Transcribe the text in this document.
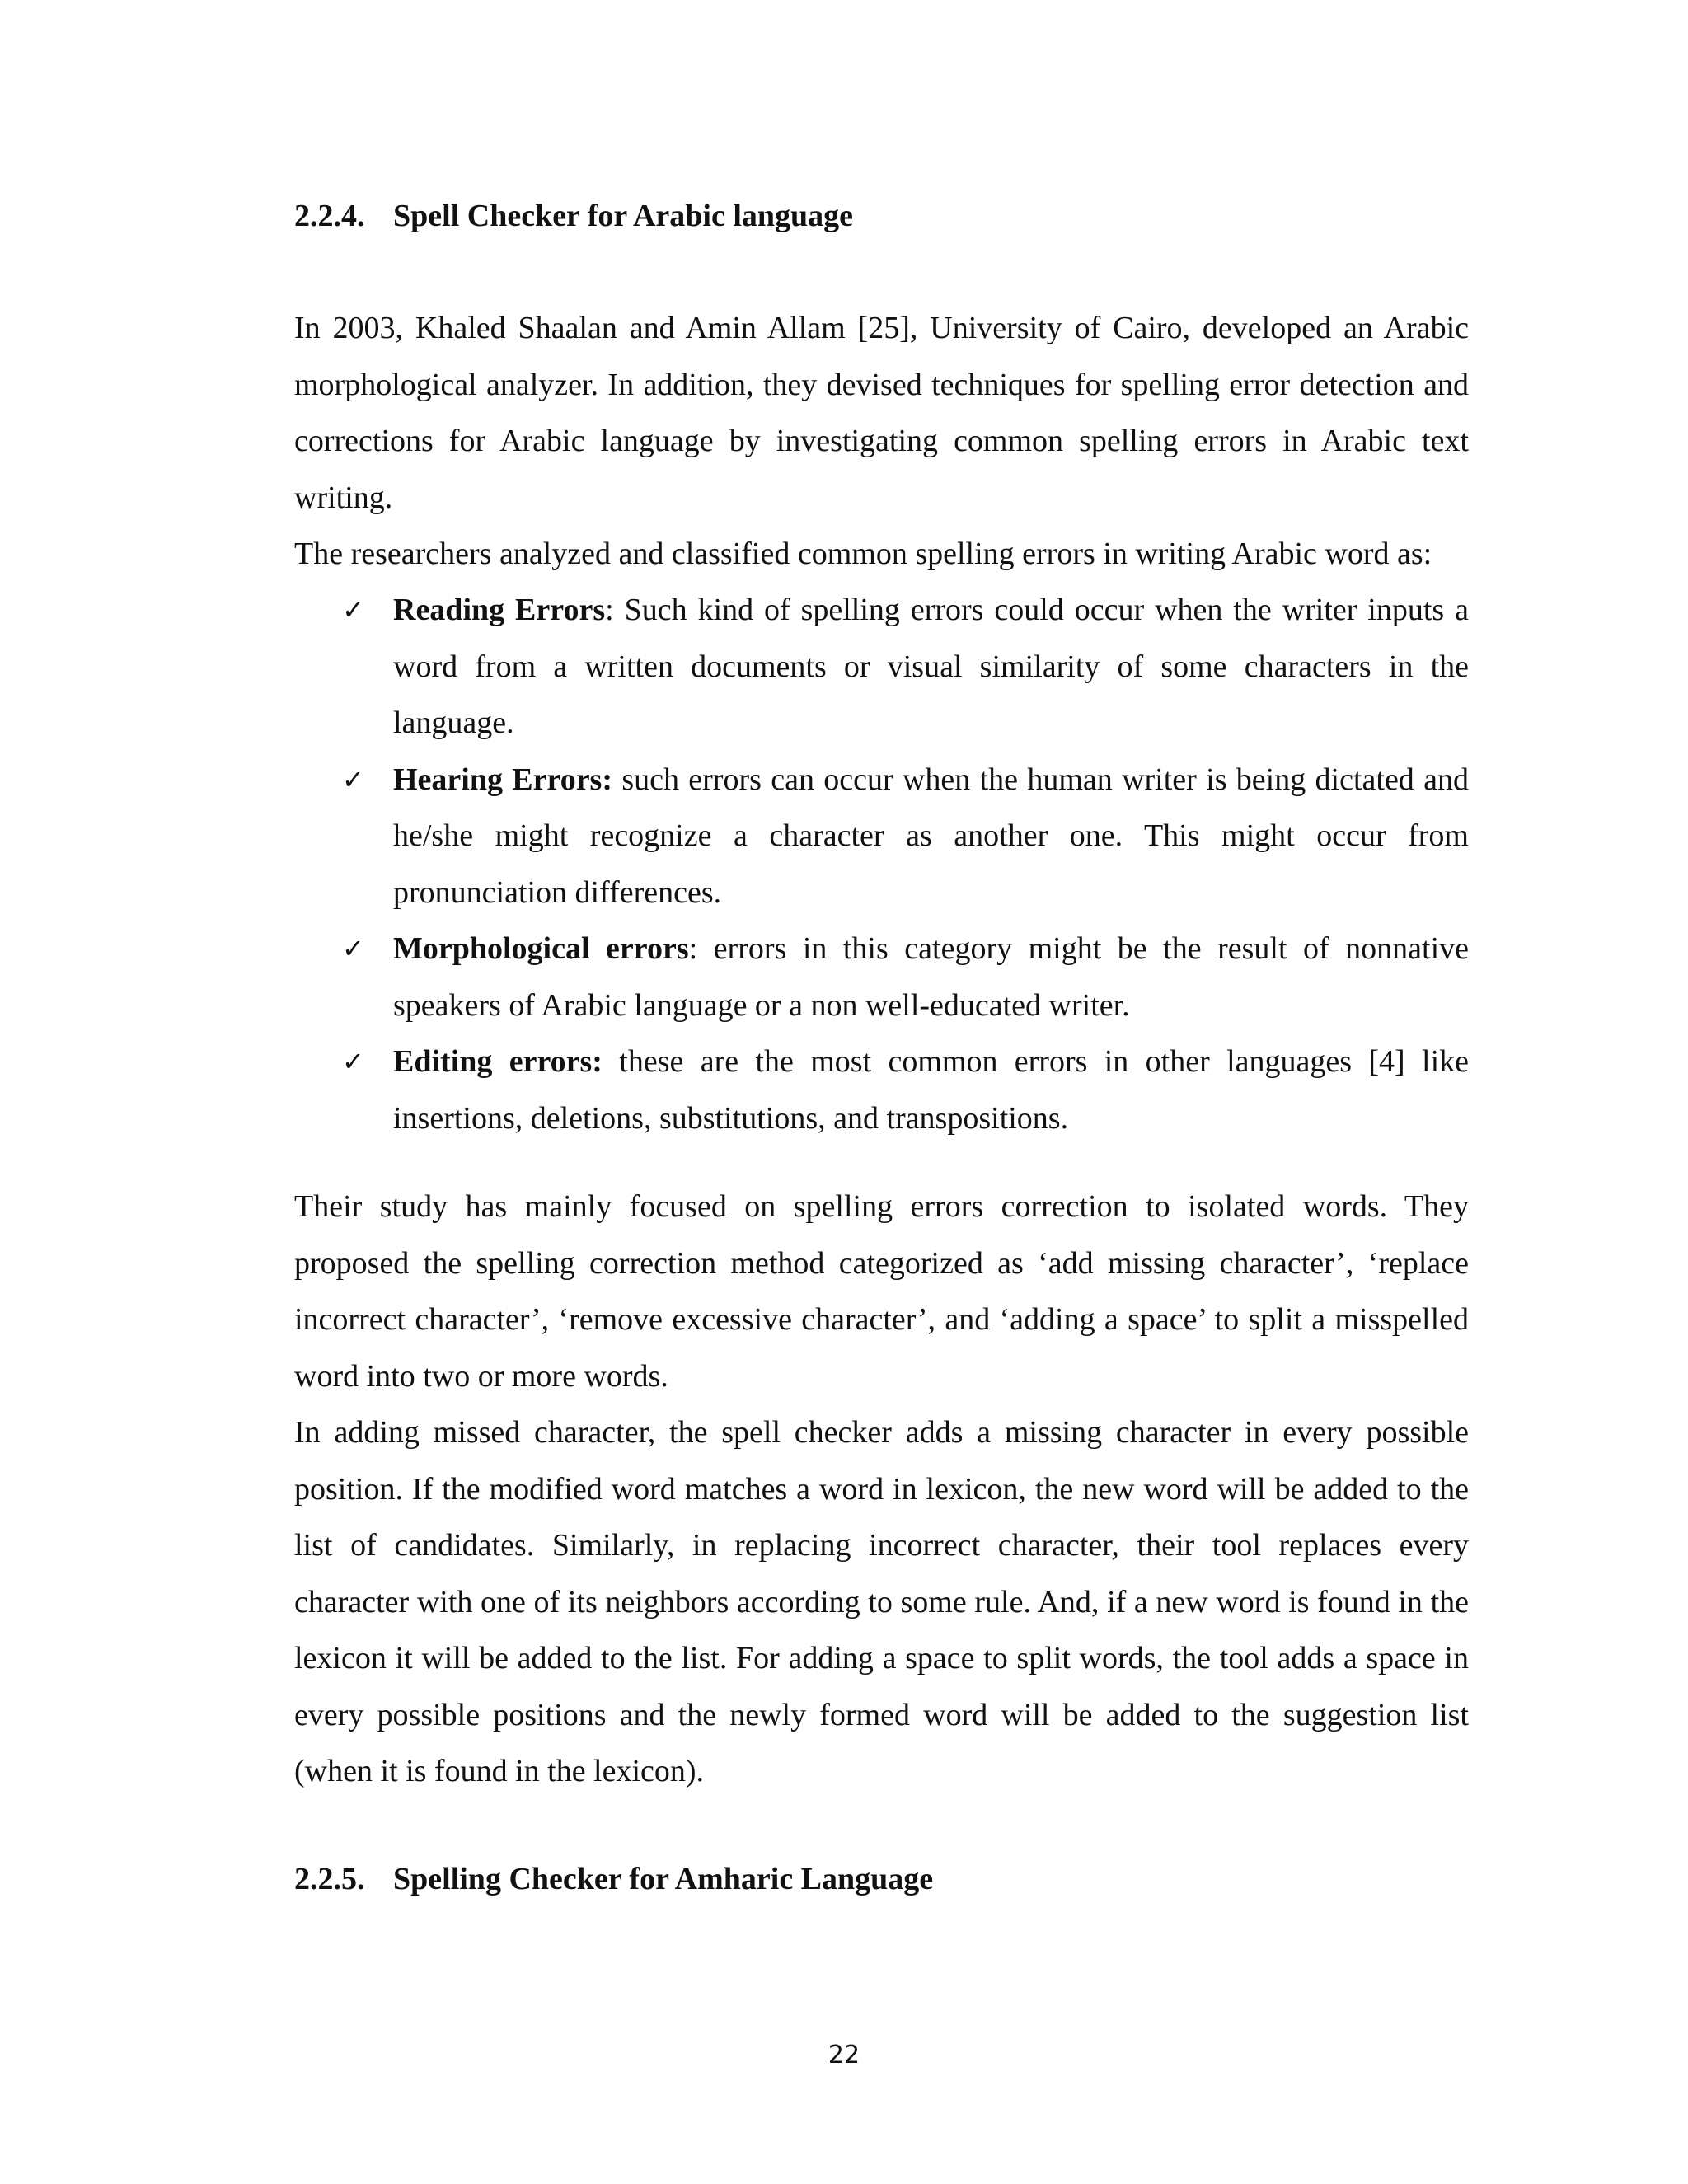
2.2.4. Spell Checker for Arabic language

In 2003, Khaled Shaalan and Amin Allam [25], University of Cairo, developed an Arabic morphological analyzer. In addition, they devised techniques for spelling error detection and corrections for Arabic language by investigating common spelling errors in Arabic text writing.

The researchers analyzed and classified common spelling errors in writing Arabic word as:

✓ Reading Errors: Such kind of spelling errors could occur when the writer inputs a word from a written documents or visual similarity of some characters in the language.
✓ Hearing Errors: such errors can occur when the human writer is being dictated and he/she might recognize a character as another one. This might occur from pronunciation differences.
✓ Morphological errors: errors in this category might be the result of nonnative speakers of Arabic language or a non well-educated writer.
✓ Editing errors: these are the most common errors in other languages [4] like insertions, deletions, substitutions, and transpositions.

Their study has mainly focused on spelling errors correction to isolated words. They proposed the spelling correction method categorized as ‘add missing character’, ‘replace incorrect character’, ‘remove excessive character’, and ‘adding a space’ to split a misspelled word into two or more words.

In adding missed character, the spell checker adds a missing character in every possible position. If the modified word matches a word in lexicon, the new word will be added to the list of candidates. Similarly, in replacing incorrect character, their tool replaces every character with one of its neighbors according to some rule. And, if a new word is found in the lexicon it will be added to the list. For adding a space to split words, the tool adds a space in every possible positions and the newly formed word will be added to the suggestion list (when it is found in the lexicon).

2.2.5. Spelling Checker for Amharic Language
22
